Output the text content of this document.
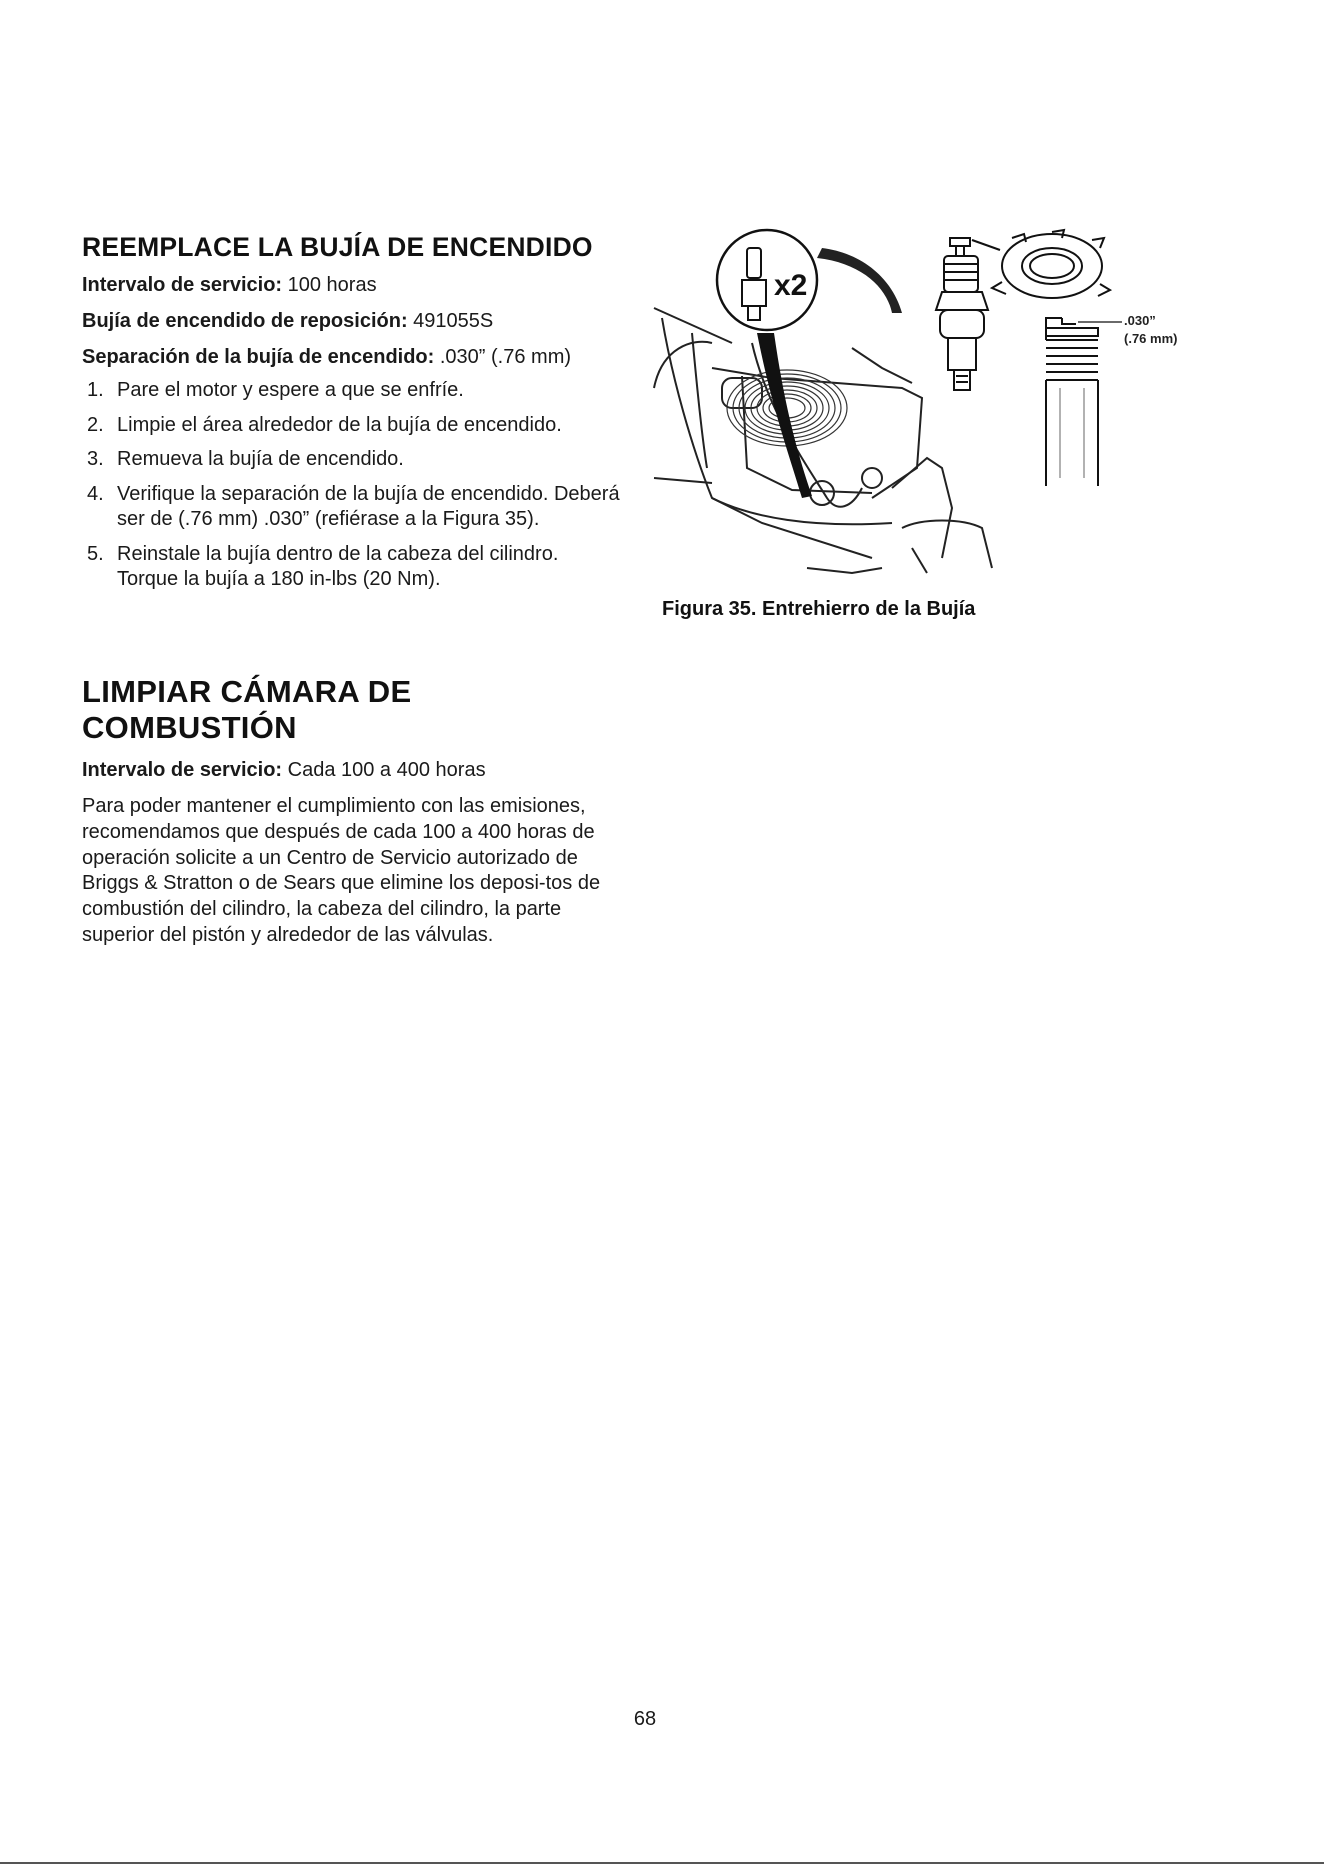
REEMPLACE LA BUJÍA DE ENCENDIDO

Intervalo de servicio: 100 horas

Bujía de encendido de reposición: 491055S

Separación de la bujía de encendido: .030” (.76 mm)

1. Pare el motor y espere a que se enfríe.
2. Limpie el área alrededor de la bujía de encendido.
3. Remueva la bujía de encendido.
4. Verifique la separación de la bujía de encendido. Deberá ser de (.76 mm) .030” (refiérase a la Figura 35).
5. Reinstale la bujía dentro de la cabeza del cilindro. Torque la bujía a 180 in-lbs (20 Nm).
x2
.030”
(.76 mm)
Figura 35. Entrehierro de la Bujía
LIMPIAR CÁMARA DE COMBUSTIÓN

Intervalo de servicio: Cada 100 a 400 horas

Para poder mantener el cumplimiento con las emisiones, recomendamos que después de cada 100 a 400 horas de operación solicite a un Centro de Servicio autorizado de Briggs & Stratton o de Sears que elimine los deposi-tos de combustión del cilindro, la cabeza del cilindro, la parte superior del pistón y alrededor de las válvulas.

68
